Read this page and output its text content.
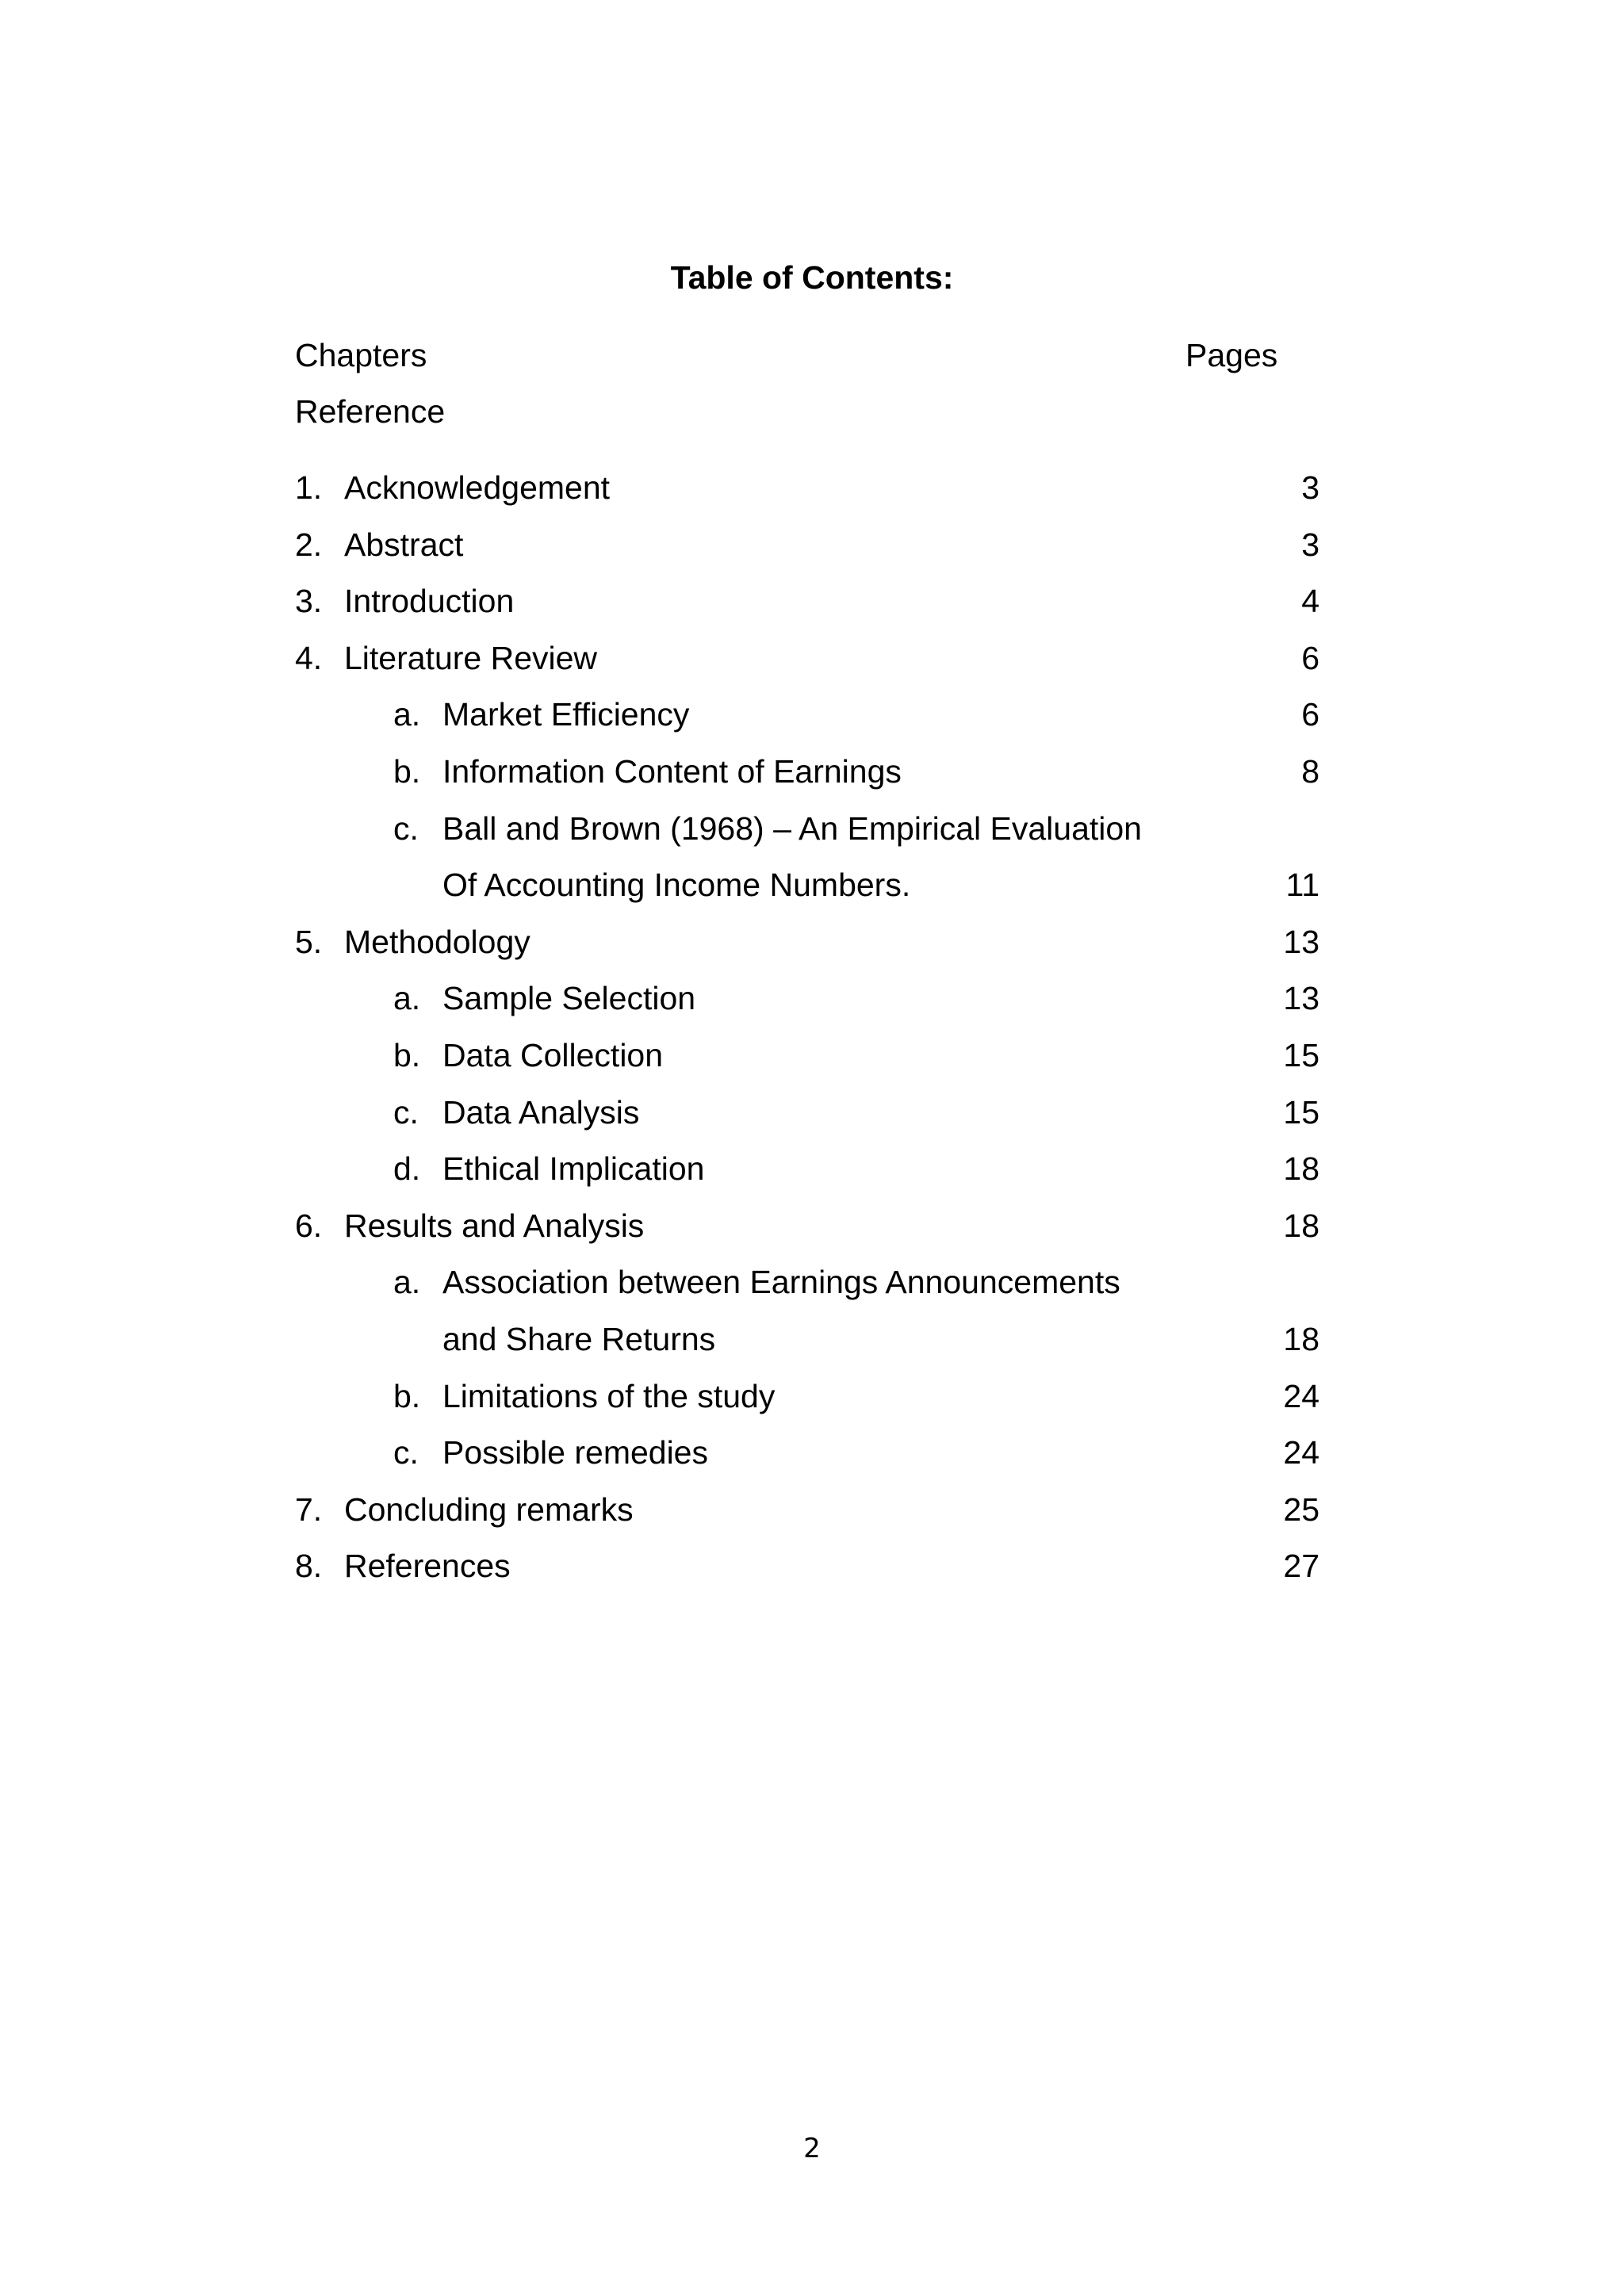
Table of Contents:
Chapters	Pages
Reference
1. Acknowledgement	3
2. Abstract	3
3. Introduction	4
4. Literature Review	6
a. Market Efficiency	6
b. Information Content of Earnings	8
c. Ball and Brown (1968) – An Empirical Evaluation
Of Accounting Income Numbers.	11
5. Methodology	13
a. Sample Selection	13
b. Data Collection	15
c. Data Analysis	15
d. Ethical Implication	18
6. Results and Analysis	18
a. Association between Earnings Announcements
and Share Returns	18
b. Limitations of the study	24
c. Possible remedies	24
7. Concluding remarks	25
8. References	27
2
